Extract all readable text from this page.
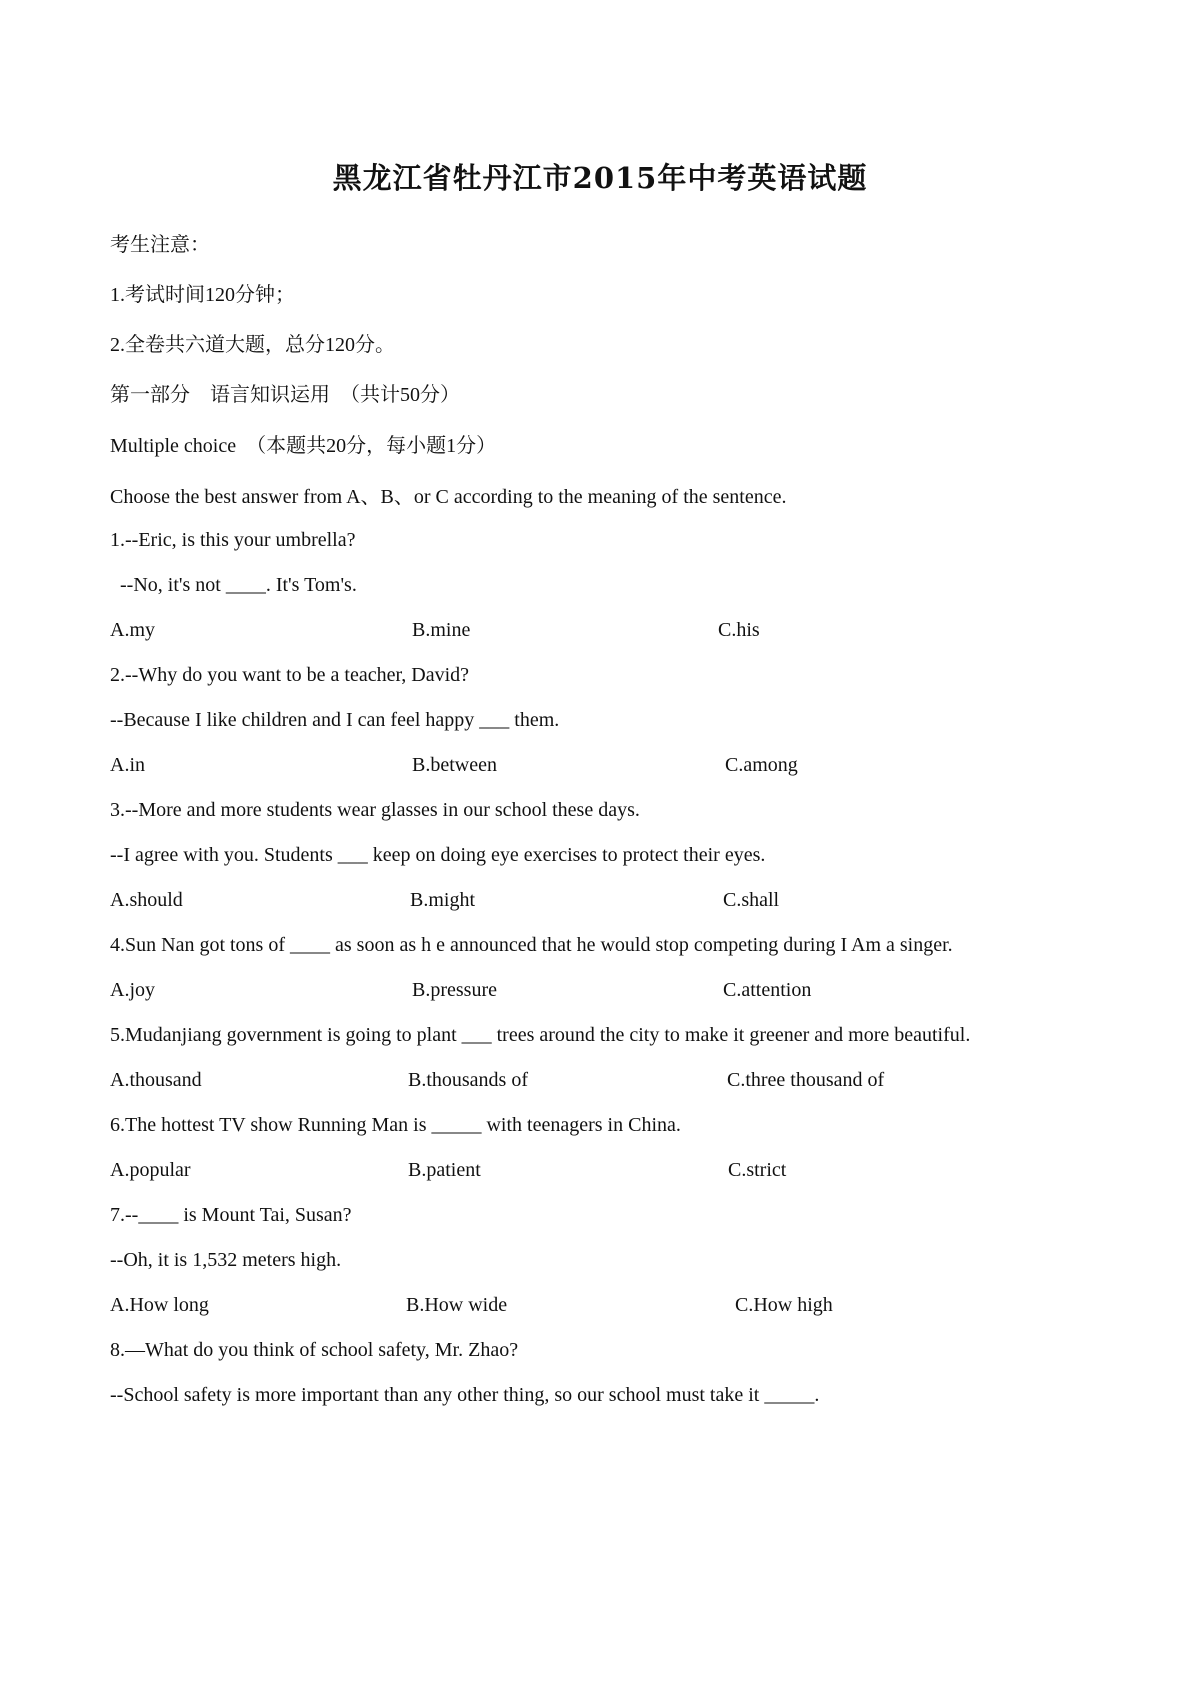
黑龙江省牡丹江市2015年中考英语试题
考生注意：
1.考试时间120分钟；
2.全卷共六道大题，总分120分。
第一部分    语言知识运用  （共计50分）
Multiple choice  （本题共20分，每小题1分）
Choose the best answer from A、B、or C according to the meaning of the sentence.
1.--Eric, is this your umbrella?
--No, it's not ____. It's Tom's.
A.my	B.mine	C.his
2.--Why do you want to be a teacher, David?
--Because I like children and I can feel happy ___ them.
A.in	B.between	C.among
3.--More and more students wear glasses in our school these days.
--I agree with you. Students ___ keep on doing eye exercises to protect their eyes.
A.should	B.might	C.shall
4.Sun Nan got tons of ____ as soon as h e announced that he would stop competing during I Am a singer.
A.joy	B.pressure	C.attention
5.Mudanjiang government is going to plant ___ trees around the city to make it greener and more beautiful.
A.thousand	B.thousands of	C.three thousand of
6.The hottest TV show Running Man is _____ with teenagers in China.
A.popular	B.patient	C.strict
7.--____ is Mount Tai, Susan?
--Oh, it is 1,532 meters high.
A.How long	B.How wide	C.How high
8.—What do you think of school safety, Mr. Zhao?
--School safety is more important than any other thing, so our school must take it _____.
